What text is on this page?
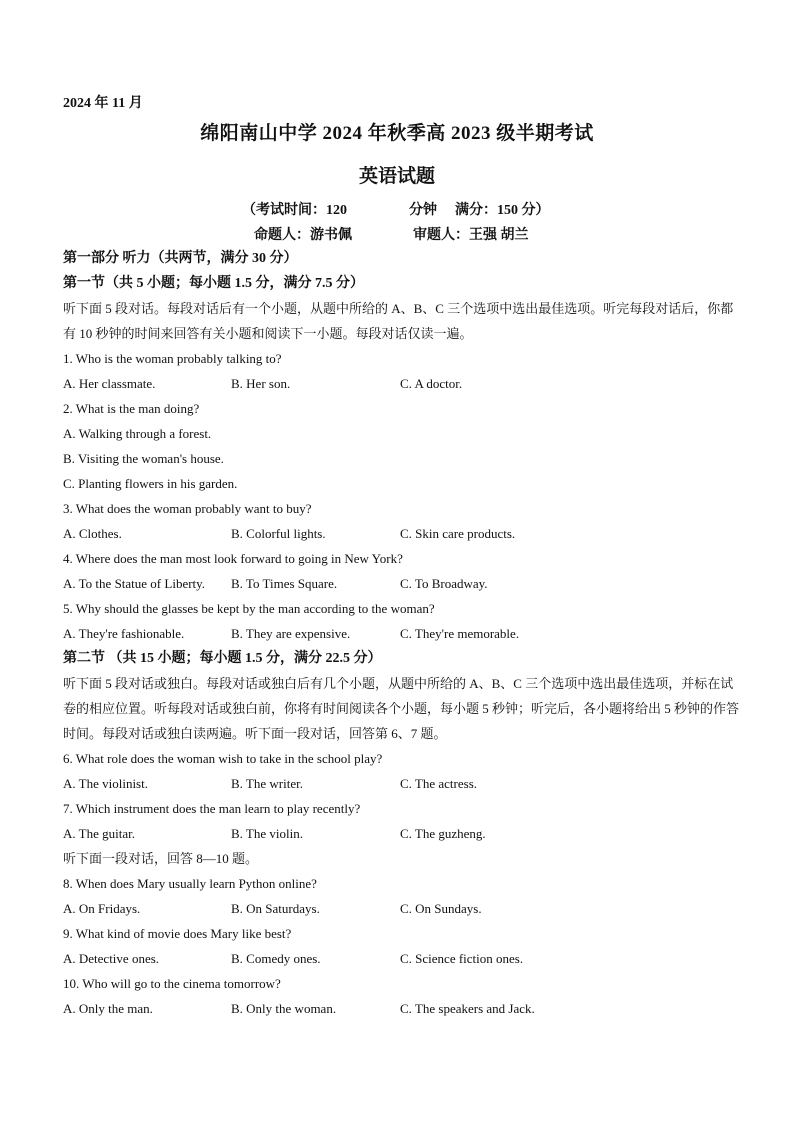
2024 年 11 月
绵阳南山中学 2024 年秋季高 2023 级半期考试
英语试题
（考试时间：120	分钟 满分：150 分）
命题人：游书佩	审题人：王强 胡兰
第一部分 听力（共两节，满分 30 分）
第一节（共 5 小题；每小题 1.5 分，满分 7.5 分）
听下面 5 段对话。每段对话后有一个小题，从题中所给的 A、B、C 三个选项中选出最佳选项。听完每段对话后，你都有 10 秒钟的时间来回答有关小题和阅读下一小题。每段对话仅读一遍。
1. Who is the woman probably talking to?
A. Her classmate.	B. Her son.	C. A doctor.
2. What is the man doing?
A. Walking through a forest.
B. Visiting the woman's house.
C. Planting flowers in his garden.
3. What does the woman probably want to buy?
A. Clothes.	B. Colorful lights.	C. Skin care products.
4. Where does the man most look forward to going in New York?
A. To the Statue of Liberty.	B. To Times Square.	C. To Broadway.
5. Why should the glasses be kept by the man according to the woman?
A. They're fashionable.	B. They are expensive.	C. They're memorable.
第二节 （共 15 小题；每小题 1.5 分，满分 22.5 分）
听下面 5 段对话或独白。每段对话或独白后有几个小题，从题中所给的 A、B、C 三个选项中选出最佳选项，并标在试卷的相应位置。听每段对话或独白前，你将有时间阅读各个小题，每小题 5 秒钟；听完后，各小题将给出 5 秒钟的作答时间。每段对话或独白读两遍。听下面一段对话，回答第 6、7 题。
6. What role does the woman wish to take in the school play?
A. The violinist.	B. The writer.	C. The actress.
7. Which instrument does the man learn to play recently?
A. The guitar.	B. The violin.	C. The guzheng.
听下面一段对话，回答 8—10 题。
8. When does Mary usually learn Python online?
A. On Fridays.	B. On Saturdays.	C. On Sundays.
9. What kind of movie does Mary like best?
A. Detective ones.	B. Comedy ones.	C. Science fiction ones.
10. Who will go to the cinema tomorrow?
A. Only the man.	B. Only the woman.	C. The speakers and Jack.
